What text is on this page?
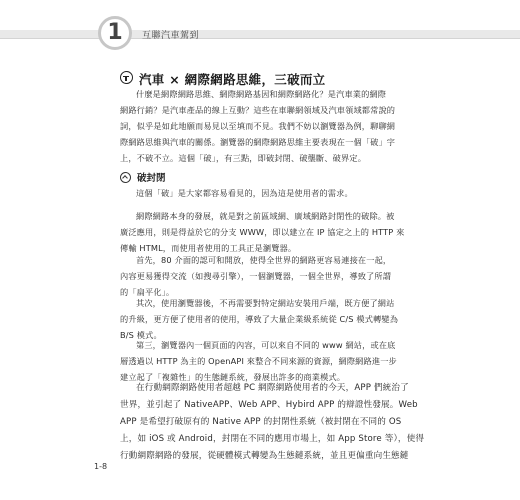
1 互聯汽車駕到
汽車 × 網際網路思維，三破而立
什麼是網際網路思維、網際網路基因和網際網路化？是汽車業的網際
網路行銷？是汽車產品的線上互動？這些在車聯網領域及汽車領域都常說的
詞，似乎是如此地願而易見以至填而不見。我們不妨以瀏覽器為例，聊聊網
際網路思維與汽車的關係。瀏覽器的網際網路思維主要表現在一個「破」字
上，不破不立。這個「破」，有三點，即破封閉、破壟斷、破界定。
破封閉
這個「破」是大家都容易看見的，因為這是使用者的需求。
網際網路本身的發展，就是對之前區域網、廣域網路封閉性的破除。被
廣泛應用，則是得益於它的分支 WWW，即以建立在 IP 協定之上的 HTTP 來
傳輸 HTML，而使用者使用的工具正是瀏覽器。
首先，80 介面的認可和開放，使得全世界的網路更容易連接在一起，
內容更易獲得交流（如搜尋引擎），一個瀏覽器，一個全世界，導致了所謂
的「扁平化」。
其次，使用瀏覽器後，不再需要對特定網站安裝用戶端，既方便了網站
的升級，更方便了使用者的使用，導致了大量企業級系統從 C/S 模式轉變為
B/S 模式。
第三，瀏覽器內一個頁面的內容，可以來自不同的 www 網站，或在底
層透過以 HTTP 為主的 OpenAPI 來整合不同來源的資源，網際網路進一步
建立起了「複雜性」的生態鏈系統，發展出許多的商業模式。
在行動網際網路使用者超越 PC 網際網路使用者的今天，APP 們統治了
世界，並引起了 NativeAPP、Web APP、Hybird APP 的辯證性發展。Web
APP 是希望打破原有的 Native APP 的封閉性系統（被封閉在不同的 OS
上，如 iOS 或 Android，封閉在不同的應用市場上，如 App Store 等），使得
行動網際網路的發展，從硬體模式轉變為生態鏈系統，並且更偏重向生態鏈
1-8
